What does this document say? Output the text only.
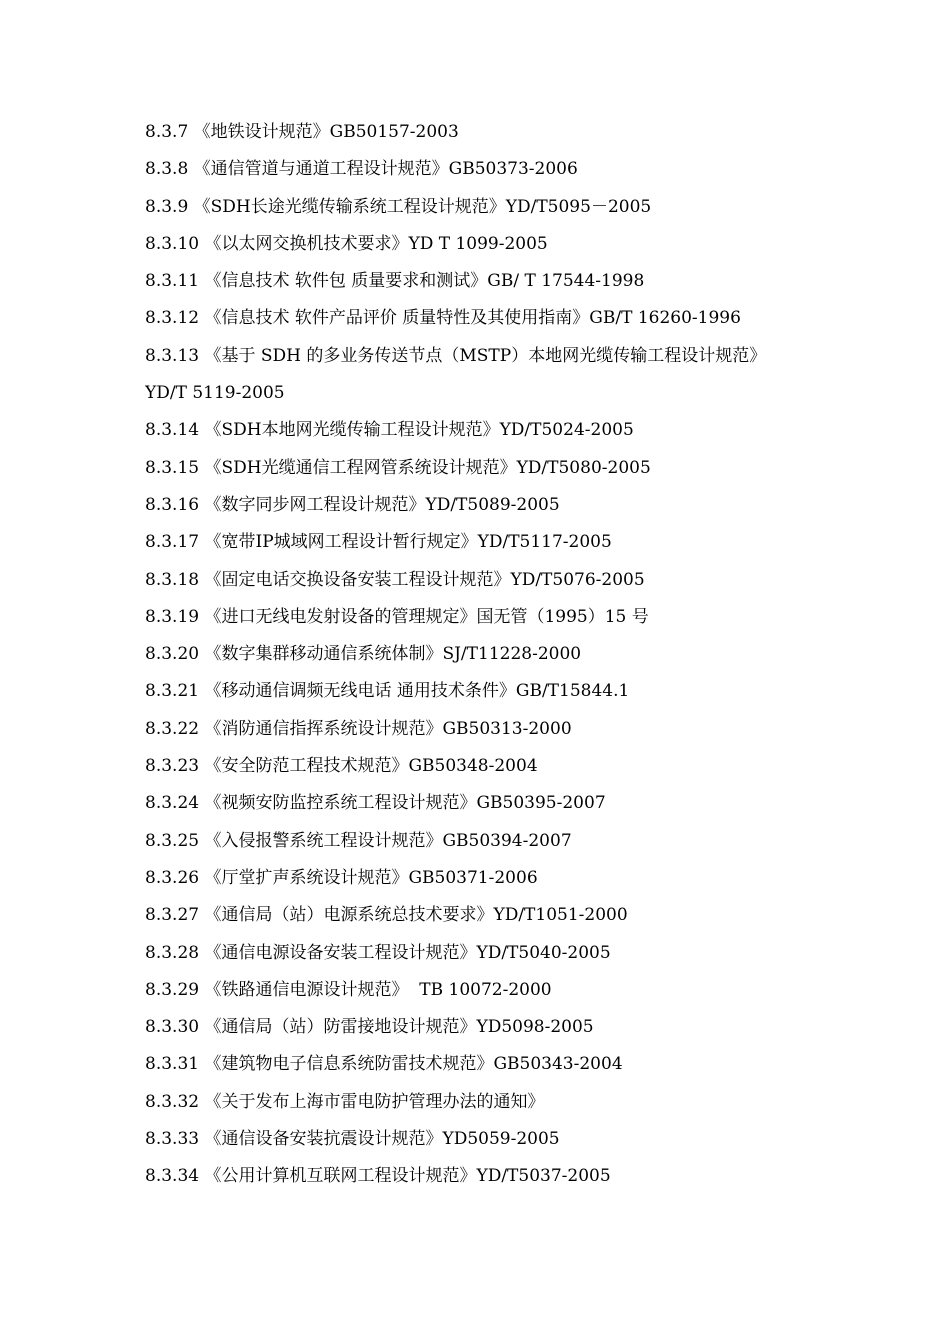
8.3.7 《地铁设计规范》GB50157-2003
8.3.8 《通信管道与通道工程设计规范》GB50373-2006
8.3.9 《SDH长途光缆传输系统工程设计规范》YD/T5095－2005
8.3.10 《以太网交换机技术要求》YD T 1099-2005
8.3.11 《信息技术 软件包 质量要求和测试》GB/ T 17544-1998
8.3.12 《信息技术 软件产品评价 质量特性及其使用指南》GB/T 16260-1996
8.3.13 《基于 SDH 的多业务传送节点（MSTP）本地网光缆传输工程设计规范》
YD/T 5119-2005
8.3.14 《SDH本地网光缆传输工程设计规范》YD/T5024-2005
8.3.15 《SDH光缆通信工程网管系统设计规范》YD/T5080-2005
8.3.16 《数字同步网工程设计规范》YD/T5089-2005
8.3.17 《宽带IP城域网工程设计暂行规定》YD/T5117-2005
8.3.18 《固定电话交换设备安装工程设计规范》YD/T5076-2005
8.3.19 《进口无线电发射设备的管理规定》国无管（1995）15 号
8.3.20 《数字集群移动通信系统体制》SJ/T11228-2000
8.3.21 《移动通信调频无线电话 通用技术条件》GB/T15844.1
8.3.22 《消防通信指挥系统设计规范》GB50313-2000
8.3.23 《安全防范工程技术规范》GB50348-2004
8.3.24 《视频安防监控系统工程设计规范》GB50395-2007
8.3.25 《入侵报警系统工程设计规范》GB50394-2007
8.3.26 《厅堂扩声系统设计规范》GB50371-2006
8.3.27 《通信局（站）电源系统总技术要求》YD/T1051-2000
8.3.28 《通信电源设备安装工程设计规范》YD/T5040-2005
8.3.29 《铁路通信电源设计规范》  TB 10072-2000
8.3.30 《通信局（站）防雷接地设计规范》YD5098-2005
8.3.31 《建筑物电子信息系统防雷技术规范》GB50343-2004
8.3.32 《关于发布上海市雷电防护管理办法的通知》
8.3.33 《通信设备安装抗震设计规范》YD5059-2005
8.3.34 《公用计算机互联网工程设计规范》YD/T5037-2005
